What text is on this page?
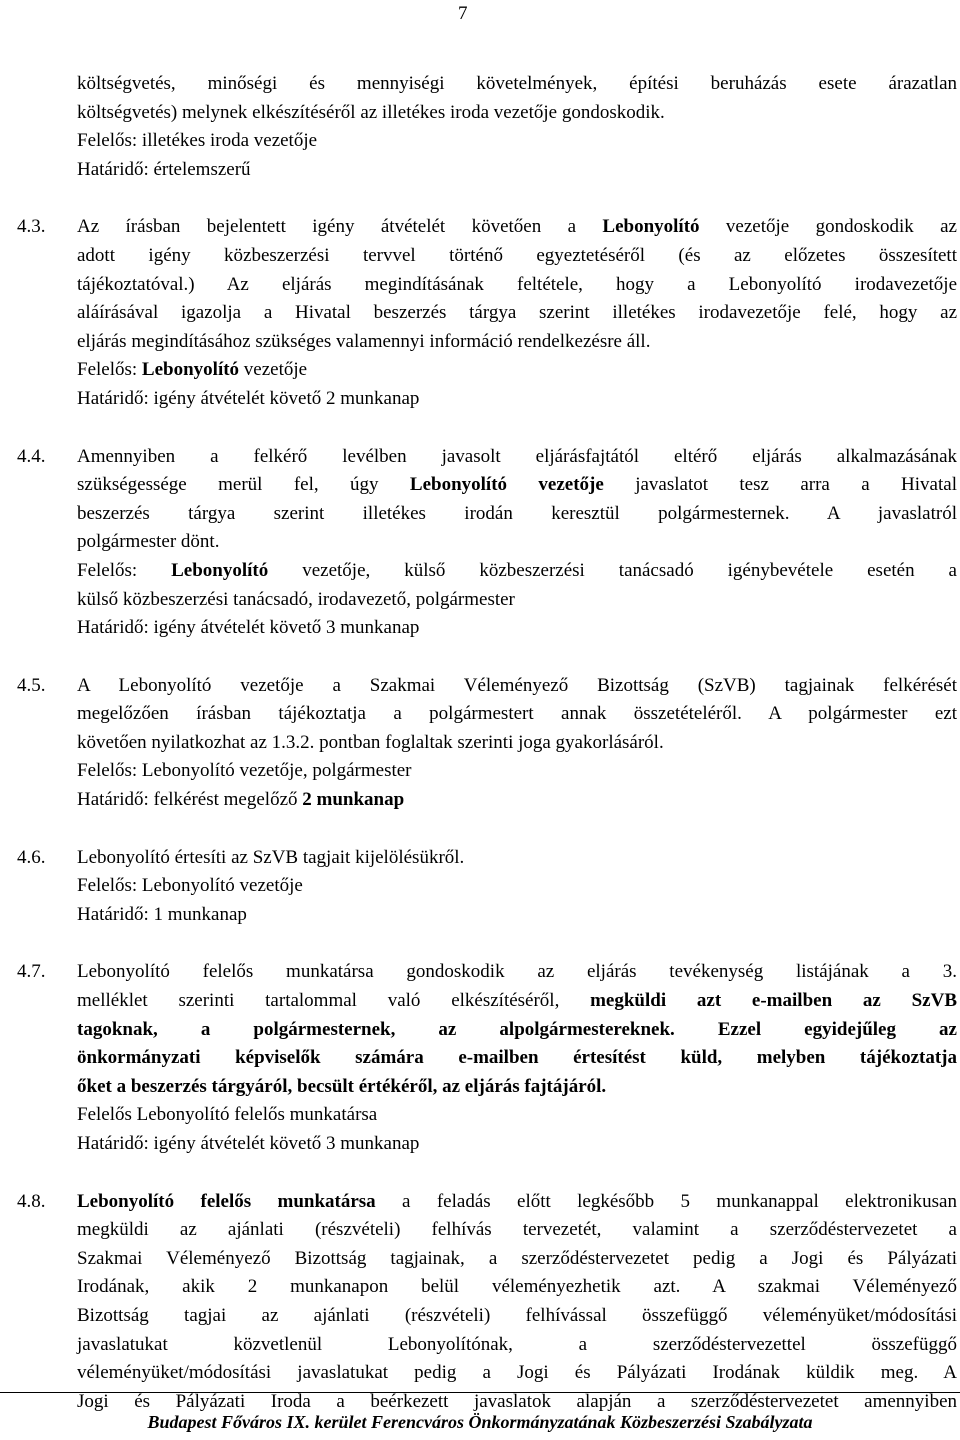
7
költségvetés, minőségi és mennyiségi követelmények, építési beruházás esete árazatlan
költségvetés) melynek elkészítéséről az illetékes iroda vezetője gondoskodik.
Felelős: illetékes iroda vezetője
Határidő: értelemszerű
4.3. Az írásban bejelentett igény átvételét követően a Lebonyolító vezetője gondoskodik az
adott igény közbeszerzési tervvel történő egyeztetéséről (és az előzetes összesített
tájékoztatóval.) Az eljárás megindításának feltétele, hogy a Lebonyolító irodavezetője
aláírásával igazolja a Hivatal beszerzés tárgya szerint illetékes irodavezetője felé, hogy az
eljárás megindításához szükséges valamennyi információ rendelkezésre áll.
Felelős: Lebonyolító vezetője
Határidő: igény átvételét követő 2 munkanap
4.4. Amennyiben a felkérő levélben javasolt eljárásfajtától eltérő eljárás alkalmazásának
szükségessége merül fel, úgy Lebonyolító vezetője javaslatot tesz arra a Hivatal
beszerzés tárgya szerint illetékes irodán keresztül polgármesternek. A javaslatról
polgármester dönt.
Felelős: Lebonyolító vezetője, külső közbeszerzési tanácsadó igénybevétele esetén a
külső közbeszerzési tanácsadó, irodavezető, polgármester
Határidő: igény átvételét követő 3 munkanap
4.5. A Lebonyolító vezetője a Szakmai Véleményező Bizottság (SzVB) tagjainak felkérését
megelőzően írásban tájékoztatja a polgármestert annak összetételéről. A polgármester ezt
követően nyilatkozhat az 1.3.2. pontban foglaltak szerinti joga gyakorlásáról.
Felelős: Lebonyolító vezetője, polgármester
Határidő: felkérést megelőző 2 munkanap
4.6. Lebonyolító értesíti az SzVB tagjait kijelölésükről.
Felelős: Lebonyolító vezetője
Határidő: 1 munkanap
4.7. Lebonyolító felelős munkatársa gondoskodik az eljárás tevékenység listájának a 3.
melléklet szerinti tartalommal való elkészítéséről, megküldi azt e-mailben az SzVB
tagoknak, a polgármesternek, az alpolgármestereknek. Ezzel egyidejűleg az
önkormányzati képviselők számára e-mailben értesítést küld, melyben tájékoztatja
őket a beszerzés tárgyáról, becsült értékéről, az eljárás fajtájáról.
Felelős Lebonyolító felelős munkatársa
Határidő: igény átvételét követő 3 munkanap
4.8. Lebonyolító felelős munkatársa a feladás előtt legkésőbb 5 munkanappal elektronikusan
megküldi az ajánlati (részvételi) felhívás tervezetét, valamint a szerződéstervezetet a
Szakmai Véleményező Bizottság tagjainak, a szerződéstervezetet pedig a Jogi és Pályázati
Irodának, akik 2 munkanapon belül véleményezhetik azt. A szakmai Véleményező
Bizottság tagjai az ajánlati (részvételi) felhívással összefüggő véleményüket/módosítási
javaslatukat közvetlenül Lebonyolítónak, a szerződéstervezettel összefüggő
véleményüket/módosítási javaslatukat pedig a Jogi és Pályázati Irodának küldik meg. A
Jogi és Pályázati Iroda a beérkezett javaslatok alapján a szerződéstervezetet amennyiben
Budapest Főváros IX. kerület Ferencváros Önkormányzatának Közbeszerzési Szabályzata
